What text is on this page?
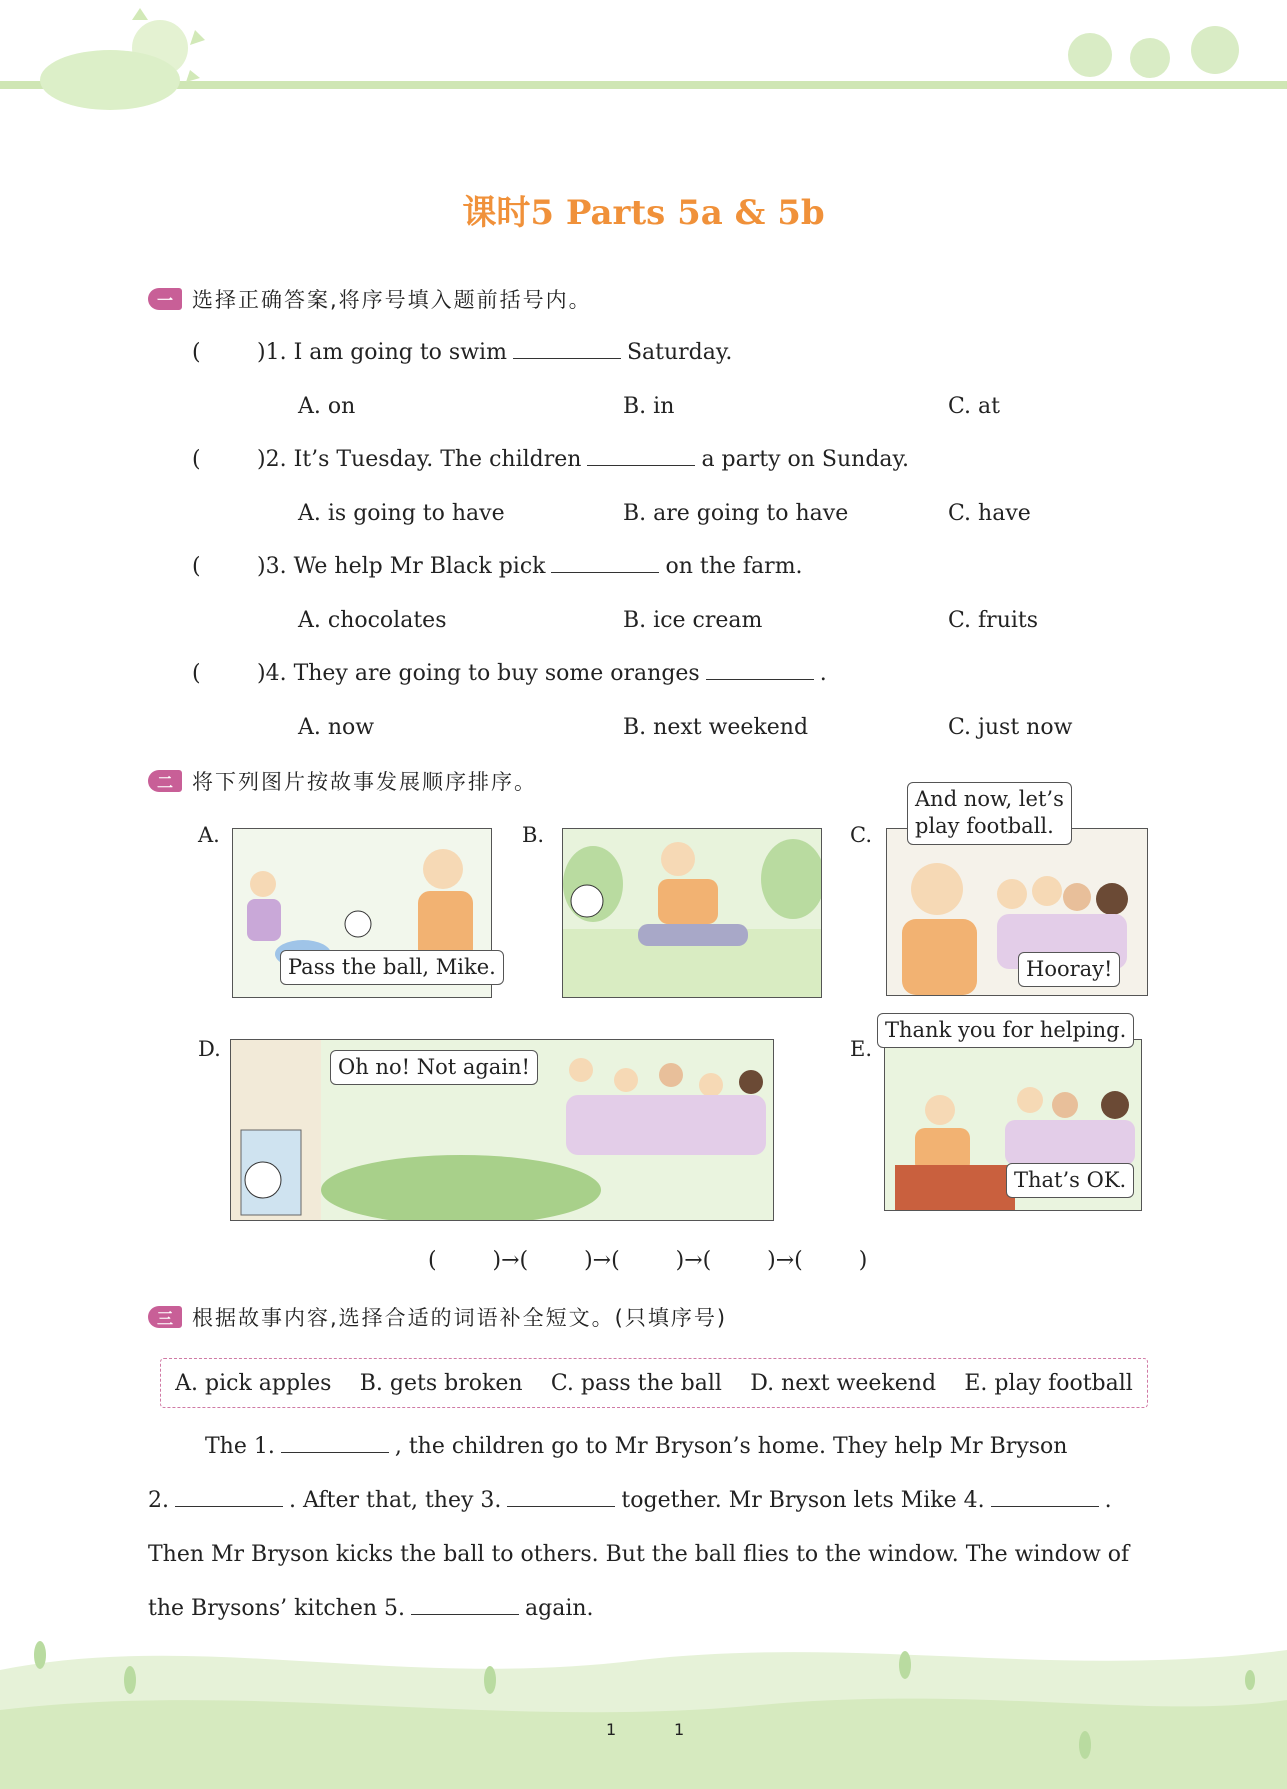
课时5 Parts 5a & 5b
一 选择正确答案,将序号填入题前括号内。
(	)1. I am going to swim	Saturday.
A. on	B. in	C. at
(	)2. It’s Tuesday. The children	a party on Sunday.
A. is going to have	B. are going to have	C. have
(	)3. We help Mr Black pick	on the farm.
A. chocolates	B. ice cream	C. fruits
(	)4. They are going to buy some oranges	.
A. now	B. next weekend	C. just now
二 将下列图片按故事发展顺序排序。
A.
Pass the ball, Mike.
B.	C.
And now, let’s
play football.
Hooray!
D.
Oh no! Not again!
E.
Thank you for helping.
That’s OK.
(        )→(        )→(        )→(        )→(        )
三 根据故事内容,选择合适的词语补全短文。(只填序号)
A. pick apples B. gets broken C. pass the ball D. next weekend E. play football
The 1.	, the children go to Mr Bryson’s home. They help Mr Bryson
2.	. After that, they 3.	together. Mr Bryson lets Mike 4.	.
Then Mr Bryson kicks the ball to others. But the ball flies to the window. The window of
the Brysons’ kitchen 5.	again.
1	1
